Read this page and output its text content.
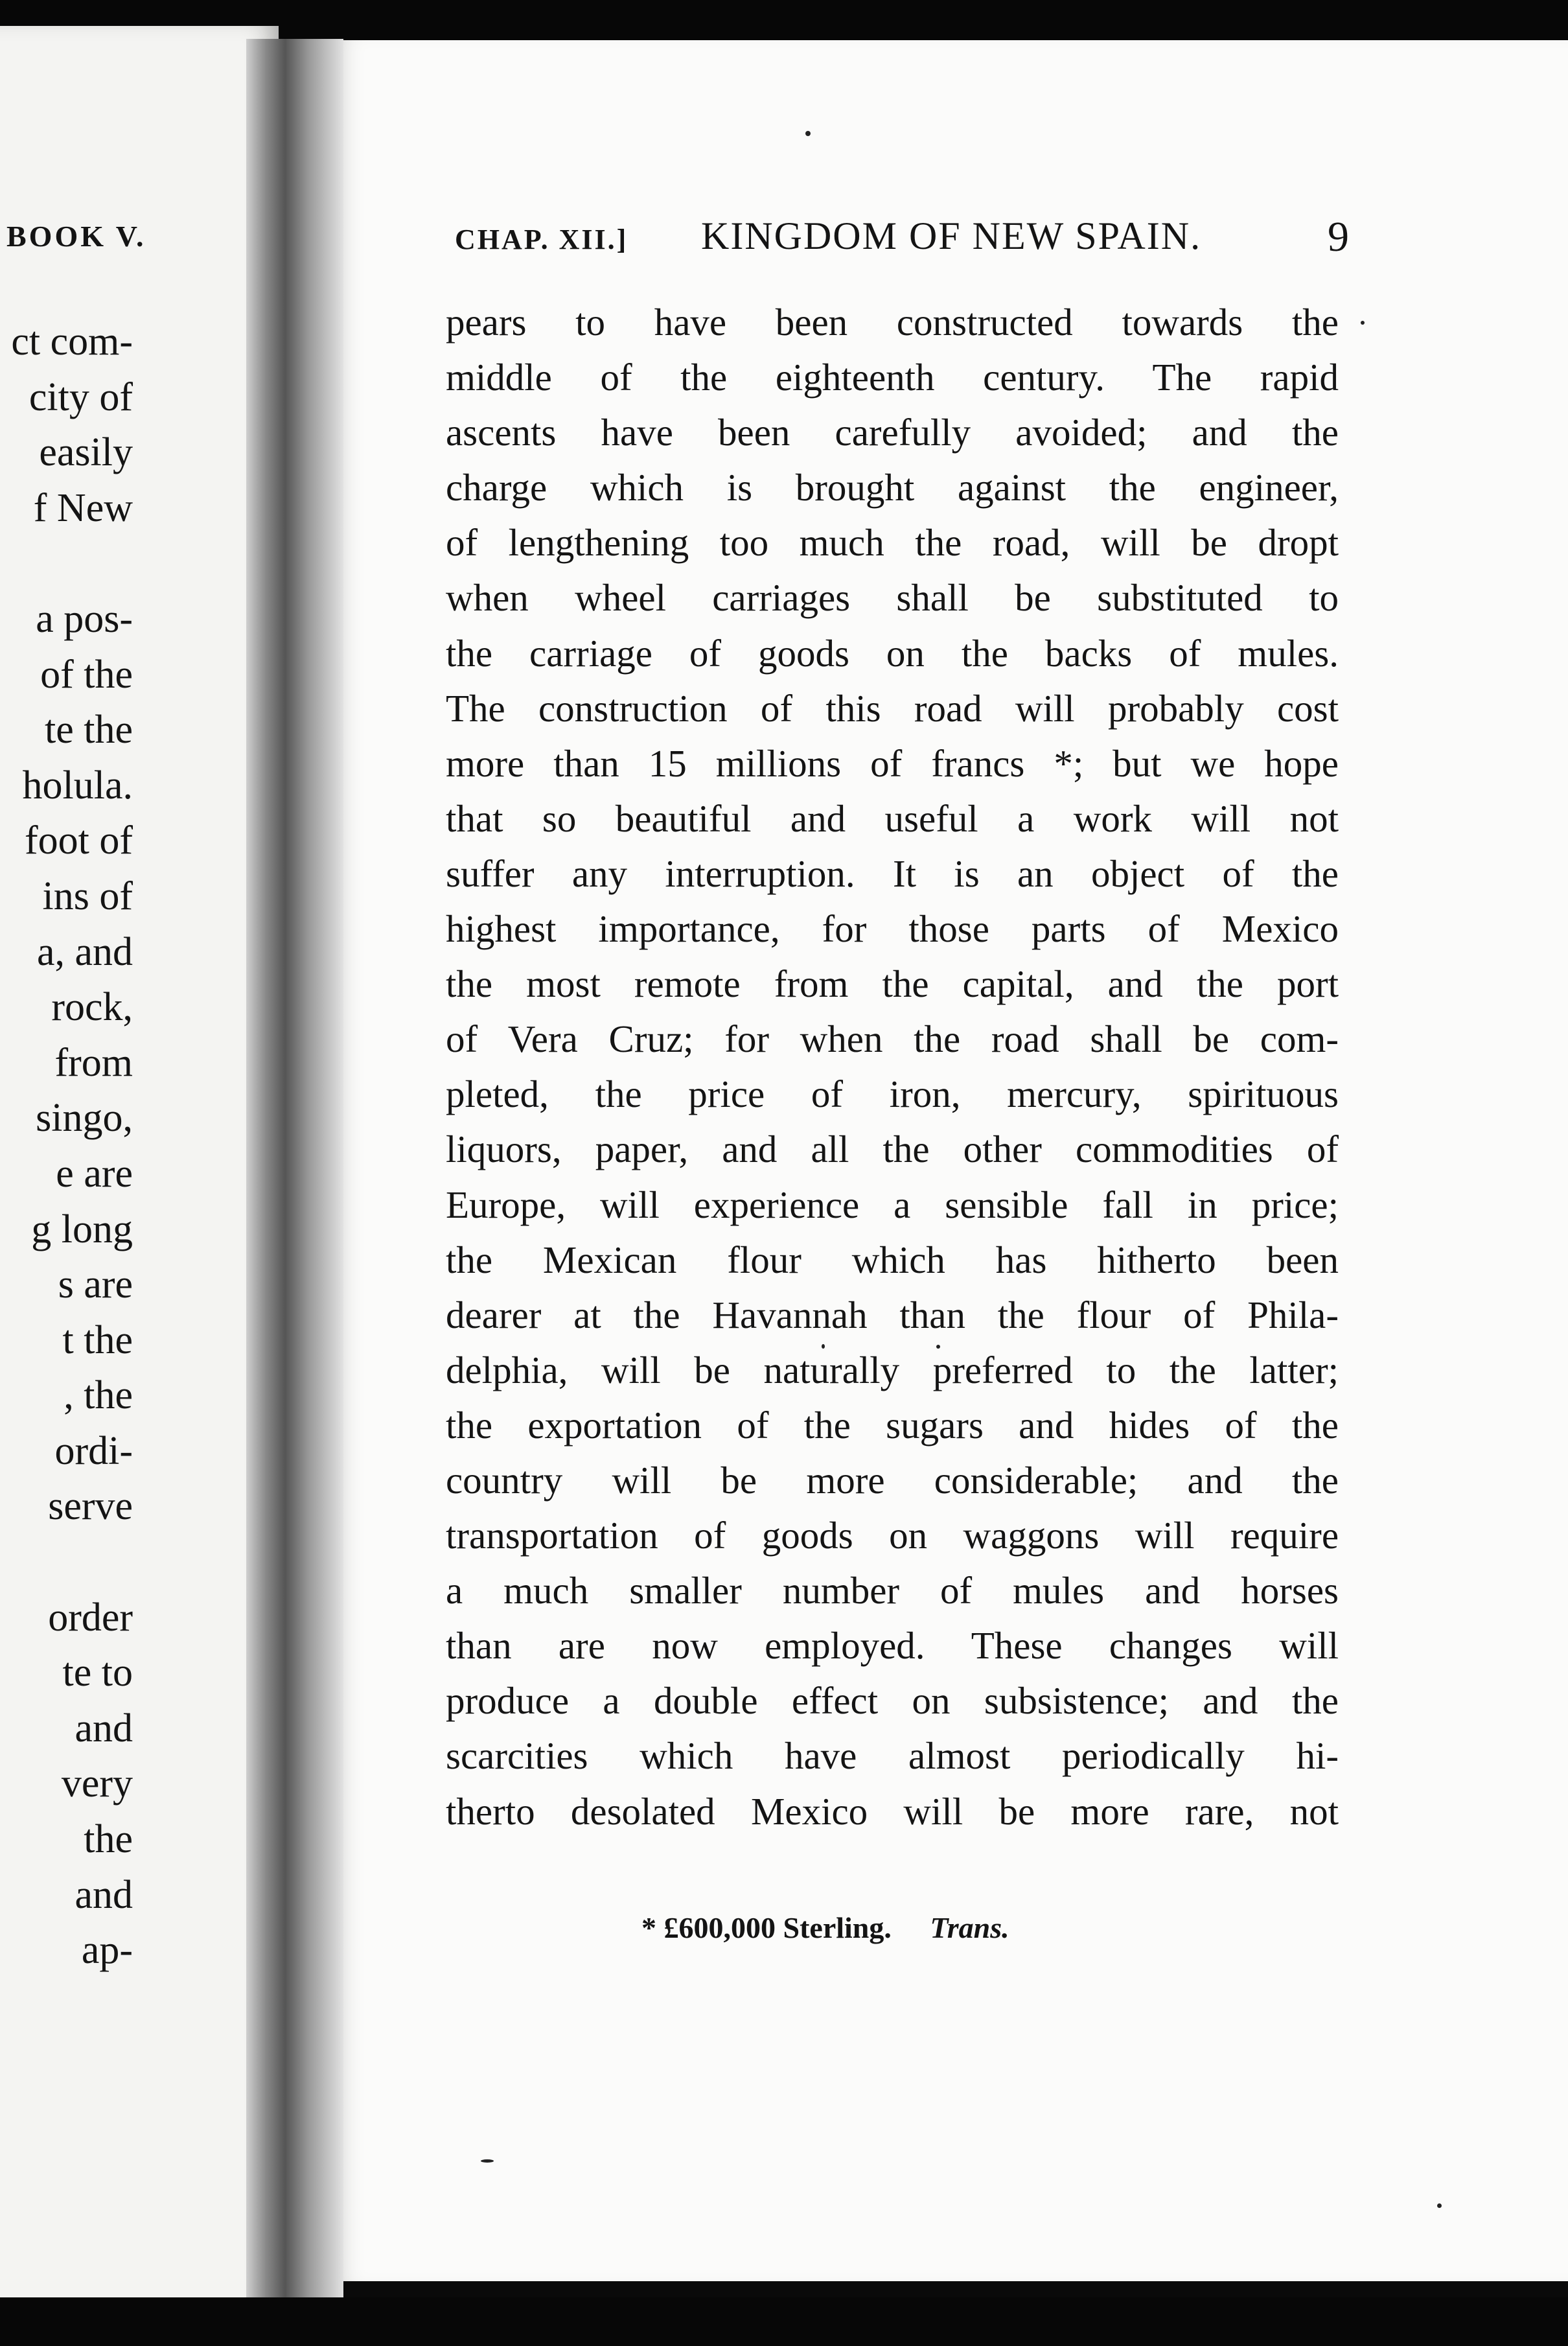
BOOK V.
ct com-
city of
easily
f New
a pos-
of the
te the
holula.
foot of
ins of
a, and
rock,
from
singo,
e are
g long
s are
t the
, the
ordi-
serve
order
te to
and
very
the
and
ap-
CHAP. XII.] KINGDOM OF NEW SPAIN.	9
pears to have been constructed towards the
middle of the eighteenth century. The rapid
ascents have been carefully avoided; and the
charge which is brought against the engineer,
of lengthening too much the road, will be dropt
when wheel carriages shall be substituted to
the carriage of goods on the backs of mules.
The construction of this road will probably cost
more than 15 millions of francs *; but we hope
that so beautiful and useful a work will not
suffer any interruption. It is an object of the
highest importance, for those parts of Mexico
the most remote from the capital, and the port
of Vera Cruz; for when the road shall be com-
pleted, the price of iron, mercury, spirituous
liquors, paper, and all the other commodities of
Europe, will experience a sensible fall in price;
the Mexican flour which has hitherto been
dearer at the Havannah than the flour of Phila-
delphia, will be naturally preferred to the latter;
the exportation of the sugars and hides of the
country will be more considerable; and the
transportation of goods on waggons will require
a much smaller number of mules and horses
than are now employed. These changes will
produce a double effect on subsistence; and the
scarcities which have almost periodically hi-
therto desolated Mexico will be more rare, not
* £600,000 Sterling. Trans.
